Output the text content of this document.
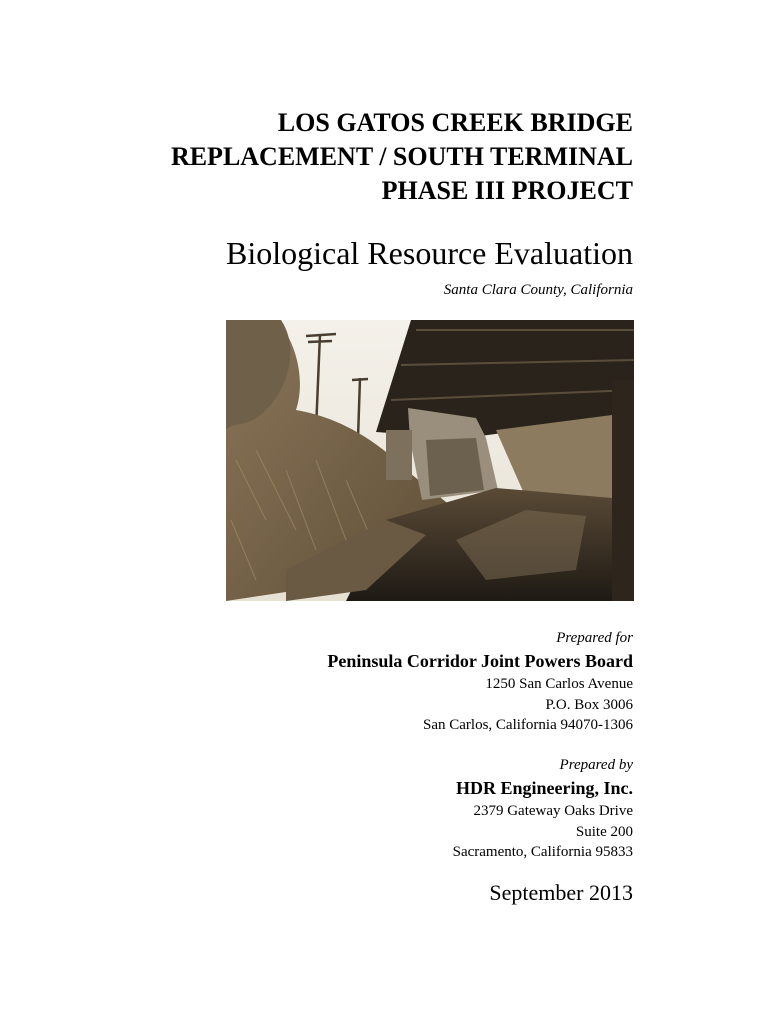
LOS GATOS CREEK BRIDGE
REPLACEMENT / SOUTH TERMINAL
PHASE III PROJECT
Biological Resource Evaluation
Santa Clara County, California
Prepared for
Peninsula Corridor Joint Powers Board
1250 San Carlos Avenue
P.O. Box 3006
San Carlos, California 94070-1306
Prepared by
HDR Engineering, Inc.
2379 Gateway Oaks Drive
Suite 200
Sacramento, California 95833
September 2013
